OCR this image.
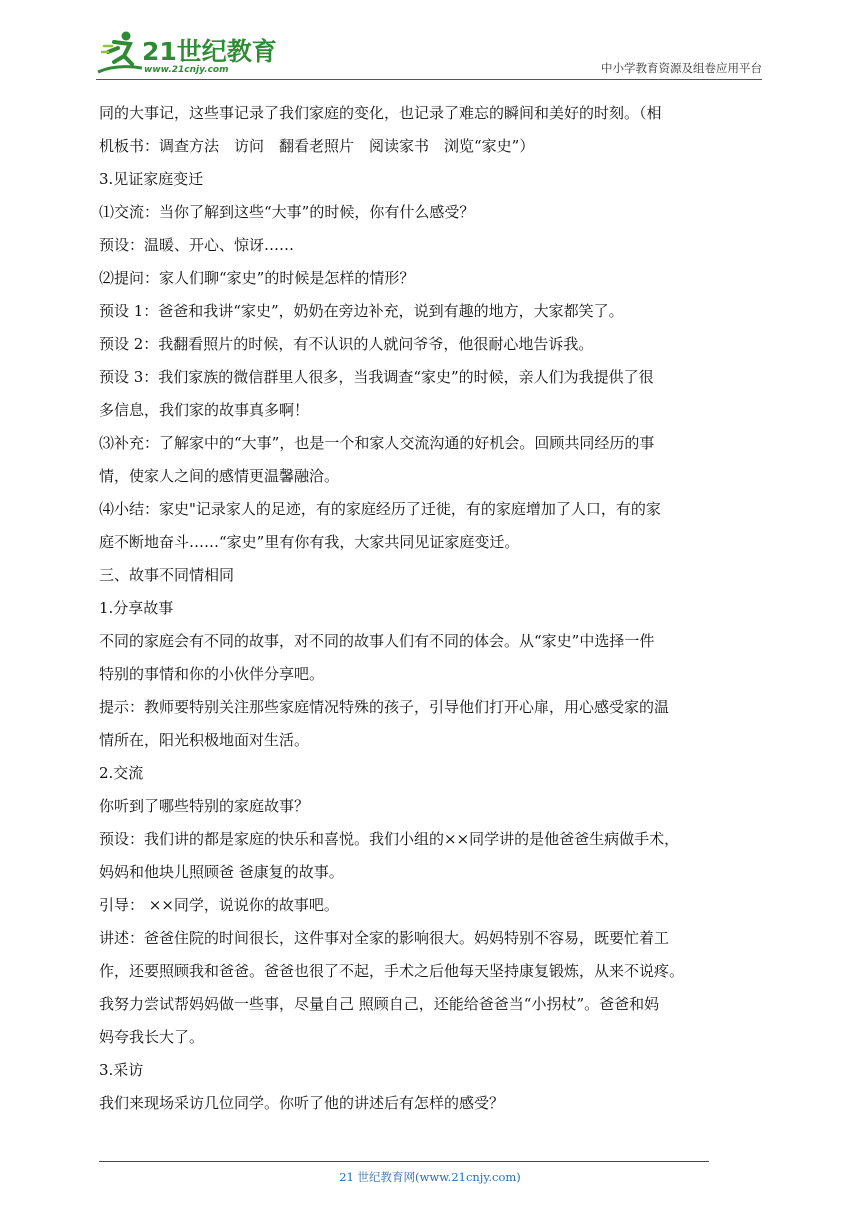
21世纪教育
www.21cnjy.com	中小学教育资源及组卷应用平台

同的大事记，这些事记录了我们家庭的变化，也记录了难忘的瞬间和美好的时刻。（相

机板书：调查方法　访问　翻看老照片　阅读家书　浏览“家史”）

3.见证家庭变迁

⑴交流：当你了解到这些“大事”的时候，你有什么感受？

预设：温暖、开心、惊讶……

⑵提问：家人们聊“家史”的时候是怎样的情形？

预设 1：爸爸和我讲“家史”，奶奶在旁边补充，说到有趣的地方，大家都笑了。

预设 2：我翻看照片的时候，有不认识的人就问爷爷，他很耐心地告诉我。

预设 3：我们家族的微信群里人很多，当我调查“家史”的时候，亲人们为我提供了很

多信息，我们家的故事真多啊！

⑶补充：了解家中的“大事”，也是一个和家人交流沟通的好机会。回顾共同经历的事

情，使家人之间的感情更温馨融洽。

⑷小结：家史"记录家人的足迹，有的家庭经历了迁徙，有的家庭增加了人口，有的家

庭不断地奋斗……“家史”里有你有我，大家共同见证家庭变迁。

三、故事不同情相同

1.分享故事

不同的家庭会有不同的故事，对不同的故事人们有不同的体会。从“家史”中选择一件

特别的事情和你的小伙伴分享吧。

提示：教师要特别关注那些家庭情况特殊的孩子，引导他们打开心扉，用心感受家的温

情所在，阳光积极地面对生活。

2.交流

你听到了哪些特别的家庭故事？

预设：我们讲的都是家庭的快乐和喜悦。我们小组的××同学讲的是他爸爸生病做手术，

妈妈和他块儿照顾爸 爸康复的故事。

引导： ××同学，说说你的故事吧。

讲述：爸爸住院的时间很长，这件事对全家的影响很大。妈妈特别不容易，既要忙着工

作，还要照顾我和爸爸。爸爸也很了不起，手术之后他每天坚持康复锻炼，从来不说疼。

我努力尝试帮妈妈做一些事，尽量自己 照顾自己，还能给爸爸当“小拐杖”。爸爸和妈

妈夸我长大了。

3.采访

我们来现场采访几位同学。你听了他的讲述后有怎样的感受？

21 世纪教育网(www.21cnjy.com)
